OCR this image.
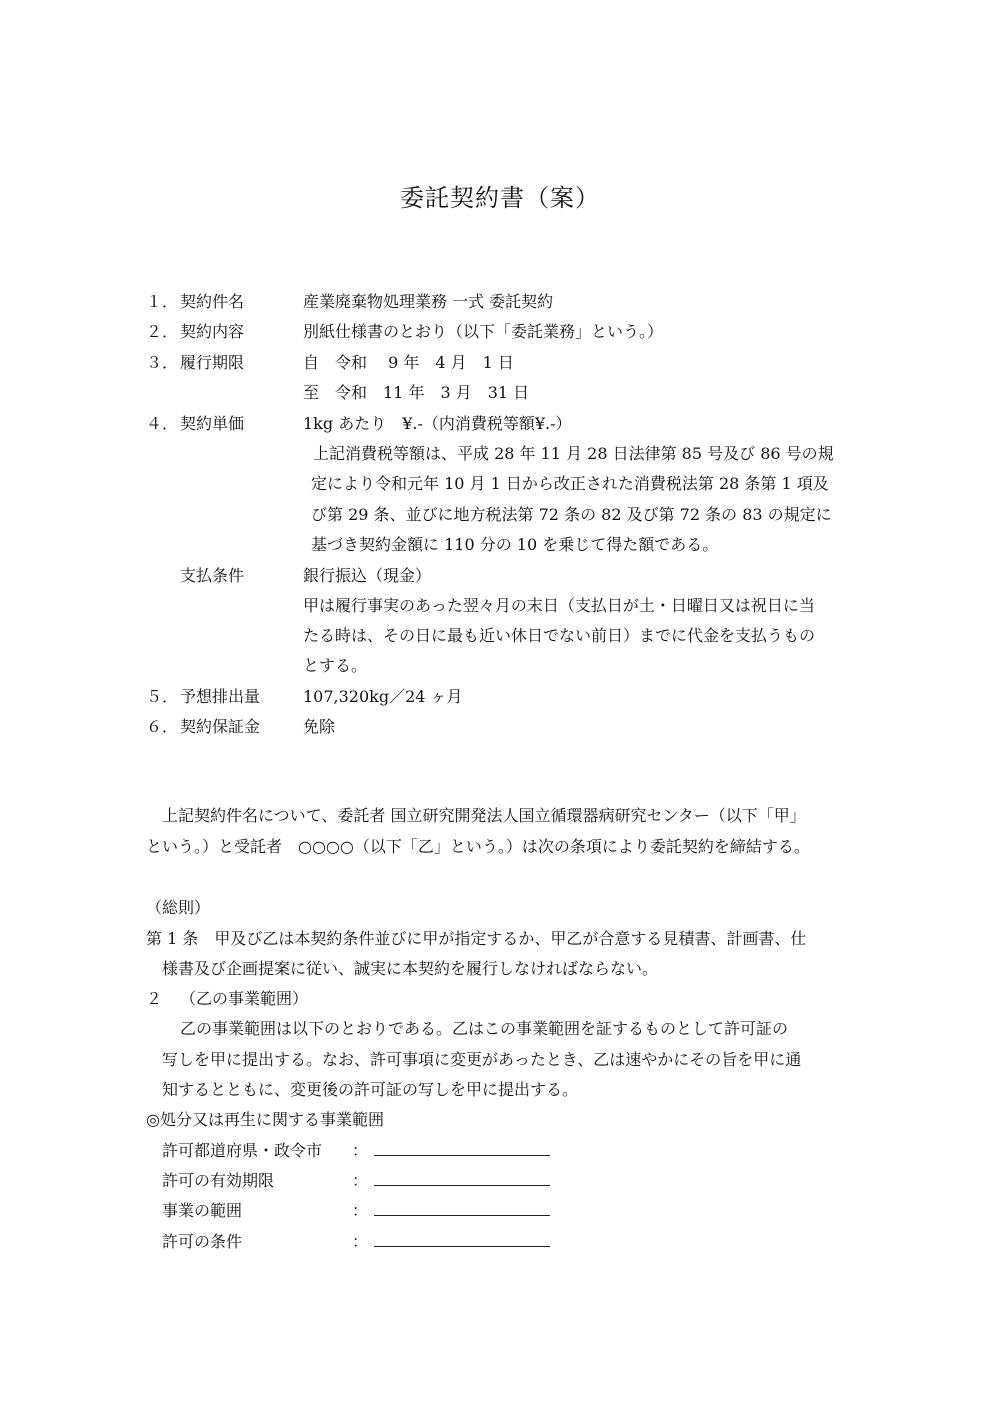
委託契約書（案）
１． 契約件名	産業廃棄物処理業務 一式 委託契約
２． 契約内容	別紙仕様書のとおり（以下「委託業務」という。）
３． 履行期限	自　令和　 9 年　4 月　1 日
至　令和　11 年　3 月　31 日
４． 契約単価	1kg あたり　¥.-（内消費税等額¥.-）
上記消費税等額は、平成 28 年 11 月 28 日法律第 85 号及び 86 号の規
定により令和元年 10 月 1 日から改正された消費税法第 28 条第 1 項及
び第 29 条、並びに地方税法第 72 条の 82 及び第 72 条の 83 の規定に
基づき契約金額に 110 分の 10 を乗じて得た額である。
支払条件	銀行振込（現金）
甲は履行事実のあった翌々月の末日（支払日が土・日曜日又は祝日に当
たる時は、その日に最も近い休日でない前日）までに代金を支払うもの
とする。
５． 予想排出量	107,320kg／24 ヶ月
６． 契約保証金	免除
上記契約件名について、委託者 国立研究開発法人国立循環器病研究センター（以下「甲」
という。）と受託者　○○○○（以下「乙」という。）は次の条項により委託契約を締結する。
（総則）
第 1 条　甲及び乙は本契約条件並びに甲が指定するか、甲乙が合意する見積書、計画書、仕
様書及び企画提案に従い、誠実に本契約を履行しなければならない。
２ （乙の事業範囲）
乙の事業範囲は以下のとおりである。乙はこの事業範囲を証するものとして許可証の
写しを甲に提出する。なお、許可事項に変更があったとき、乙は速やかにその旨を甲に通
知するとともに、変更後の許可証の写しを甲に提出する。
◎処分又は再生に関する事業範囲
許可都道府県・政令市 ：
許可の有効期限	：
事業の範囲	：
許可の条件	：
